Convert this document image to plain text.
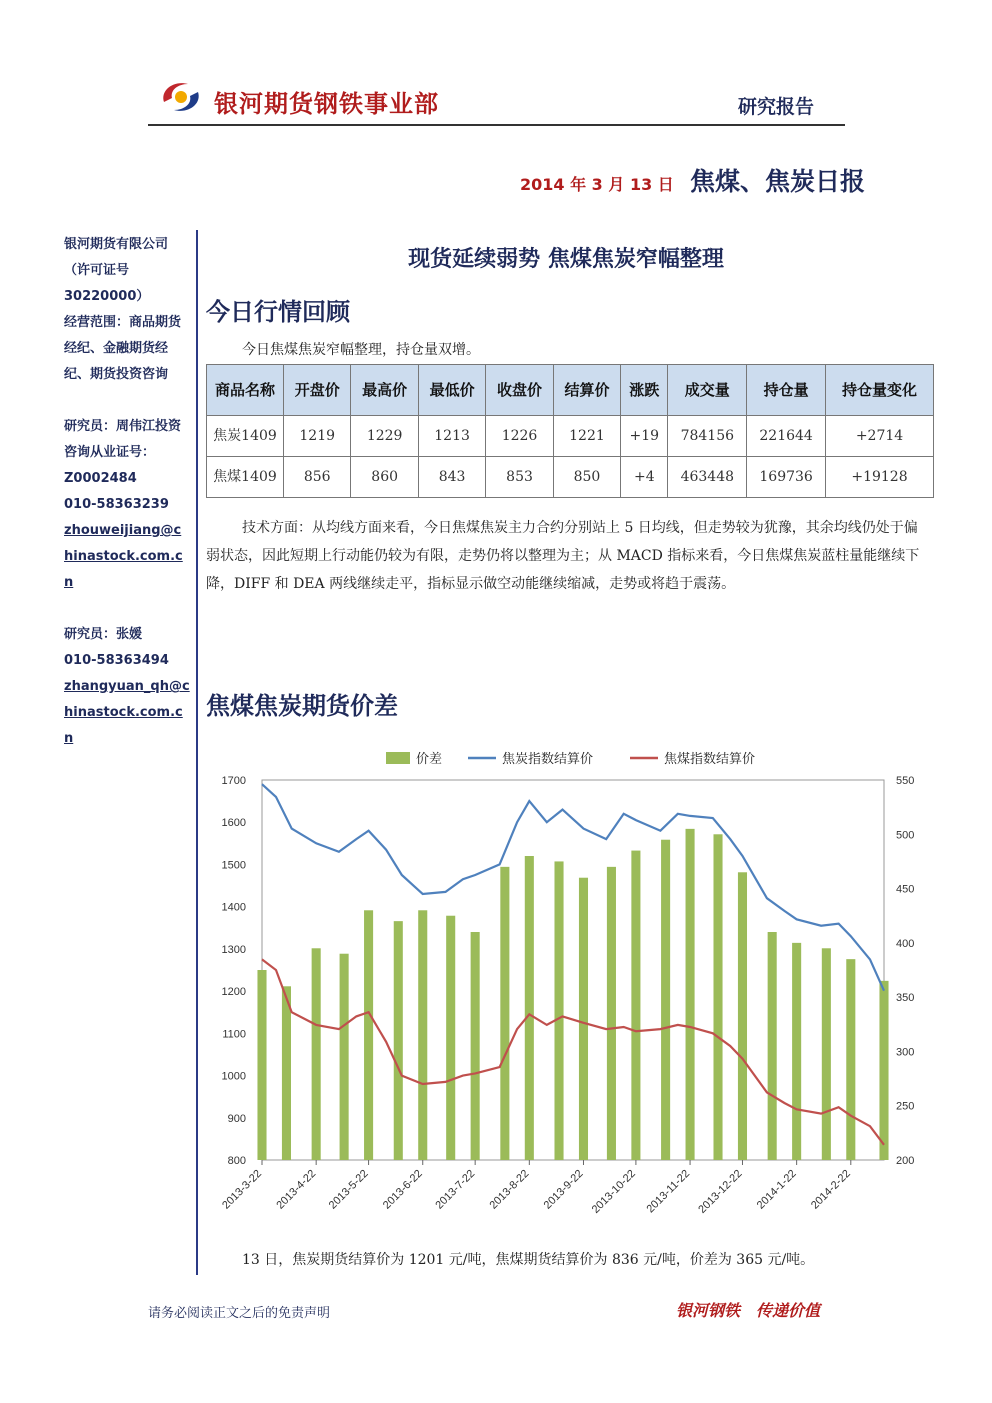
银河期货钢铁事业部	研究报告
2014 年 3 月 13 日 焦煤、焦炭日报
银河期货有限公司（许可证号30220000）
经营范围：商品期货经纪、金融期货经纪、期货投资咨询
研究员：周伟江投资咨询从业证号：
Z0002484
010-58363239
zhouweijiang@chinastock.com.cn
研究员：张媛
010-58363494
zhangyuan_qh@chinastock.com.cn
现货延续弱势 焦煤焦炭窄幅整理
今日行情回顾
今日焦煤焦炭窄幅整理，持仓量双增。
商品名称	开盘价	最高价	最低价	收盘价	结算价	涨跌	成交量	持仓量	持仓量变化
焦炭1409	1219	1229	1213	1226	1221	+19	784156	221644	+2714
焦煤1409	856	860	843	853	850	+4	463448	169736	+19128
技术方面：从均线方面来看，今日焦煤焦炭主力合约分别站上 5 日均线，但走势较为犹豫，其余均线仍处于偏弱状态，因此短期上行动能仍较为有限，走势仍将以整理为主；从 MACD 指标来看，今日焦煤焦炭蓝柱量能继续下降，DIFF 和 DEA 两线继续走平，指标显示做空动能继续缩减，走势或将趋于震荡。
焦煤焦炭期货价差
800
900
1000
1100
1200
1300
1400
1500
1600
1700
200
250
300
350
400
450
500
550
2013-3-22 2013-4-22 2013-5-22 2013-6-22 2013-7-22 2013-8-22 2013-9-22 2013-10-22 2013-11-22 2013-12-22 2014-1-22 2014-2-22
价差	焦炭指数结算价	焦煤指数结算价
13 日，焦炭期货结算价为 1201 元/吨，焦煤期货结算价为 836 元/吨，价差为 365 元/吨。
请务必阅读正文之后的免责声明	银河钢铁　传递价值
